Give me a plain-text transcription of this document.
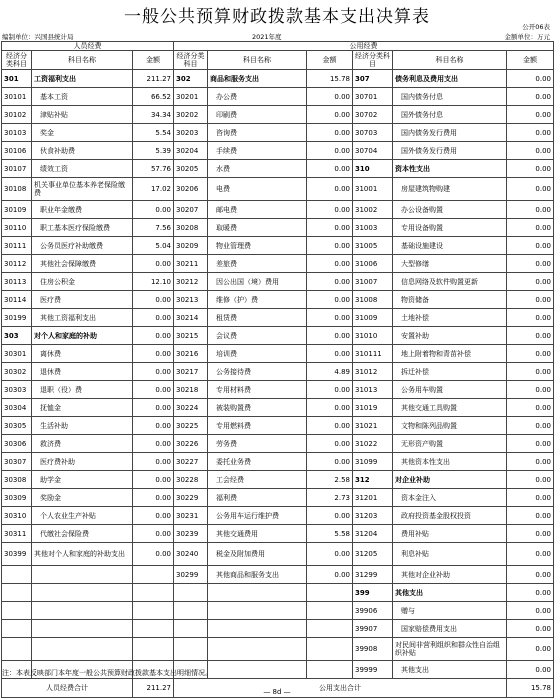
一般公共预算财政拨款基本支出决算表	公开06表
编制单位：兴国县统计局	2021年度	金额单位：万元
人员经费			公用经费					
经济分类科目	科目名称	金额	经济分类科目	科目名称	金额	经济分类科目	科目名称	金额
301	工资福利支出	211.27	302	商品和服务支出	15.78	307	债务利息及费用支出	0.00
30101	基本工资	66.52	30201	办公费	0.00	30701	国内债务付息	0.00
30102	津贴补贴	34.34	30202	印刷费	0.00	30702	国外债务付息	0.00
30103	奖金	5.54	30203	咨询费	0.00	30703	国内债务发行费用	0.00
30106	伙食补助费	5.39	30204	手续费	0.00	30704	国外债务发行费用	0.00
30107	绩效工资	57.76	30205	水费	0.00	310	资本性支出	0.00
30108	机关事业单位基本养老保险缴费	17.02	30206	电费	0.00	31001	房屋建筑物购建	0.00
30109	职业年金缴费	0.00	30207	邮电费	0.00	31002	办公设备购置	0.00
30110	职工基本医疗保险缴费	7.56	30208	取暖费	0.00	31003	专用设备购置	0.00
30111	公务员医疗补助缴费	5.04	30209	物业管理费	0.00	31005	基础设施建设	0.00
30112	其他社会保障缴费	0.00	30211	差旅费	0.00	31006	大型修缮	0.00
30113	住房公积金	12.10	30212	因公出国（境）费用	0.00	31007	信息网络及软件购置更新	0.00
30114	医疗费	0.00	30213	维修（护）费	0.00	31008	物资储备	0.00
30199	其他工资福利支出	0.00	30214	租赁费	0.00	31009	土地补偿	0.00
303	对个人和家庭的补助	0.00	30215	会议费	0.00	31010	安置补助	0.00
30301	离休费	0.00	30216	培训费	0.00	310111	地上附着物和青苗补偿	0.00
30302	退休费	0.00	30217	公务接待费	4.89	31012	拆迁补偿	0.00
30303	退职（役）费	0.00	30218	专用材料费	0.00	31013	公务用车购置	0.00
30304	抚恤金	0.00	30224	被装购置费	0.00	31019	其他交通工具购置	0.00
30305	生活补助	0.00	30225	专用燃料费	0.00	31021	文物和陈列品购置	0.00
30306	救济费	0.00	30226	劳务费	0.00	31022	无形资产购置	0.00
30307	医疗费补助	0.00	30227	委托业务费	0.00	31099	其他资本性支出	0.00
30308	助学金	0.00	30228	工会经费	2.58	312	对企业补助	0.00
30309	奖励金	0.00	30229	福利费	2.73	31201	资本金注入	0.00
30310	个人农业生产补贴	0.00	30231	公务用车运行维护费	0.00	31203	政府投资基金股权投资	0.00
30311	代缴社会保险费	0.00	30239	其他交通费用	5.58	31204	费用补贴	0.00
30399	其他对个人和家庭的补助支出	0.00	30240	税金及附加费用	0.00	31205	利息补贴	0.00
			30299	其他商品和服务支出	0.00	31299	其他对企业补助	0.00
						399	其他支出	0.00
						39906	赠与	0.00
						39907	国家赔偿费用支出	0.00
						39908	对民间非营利组织和群众性自治组织补贴	0.00
						39999	其他支出	0.00
人员经费合计		211.27	公用支出合计					15.78
注：本表反映部门本年度一般公共预算财政拨款基本支出明细情况。
— 8d —
